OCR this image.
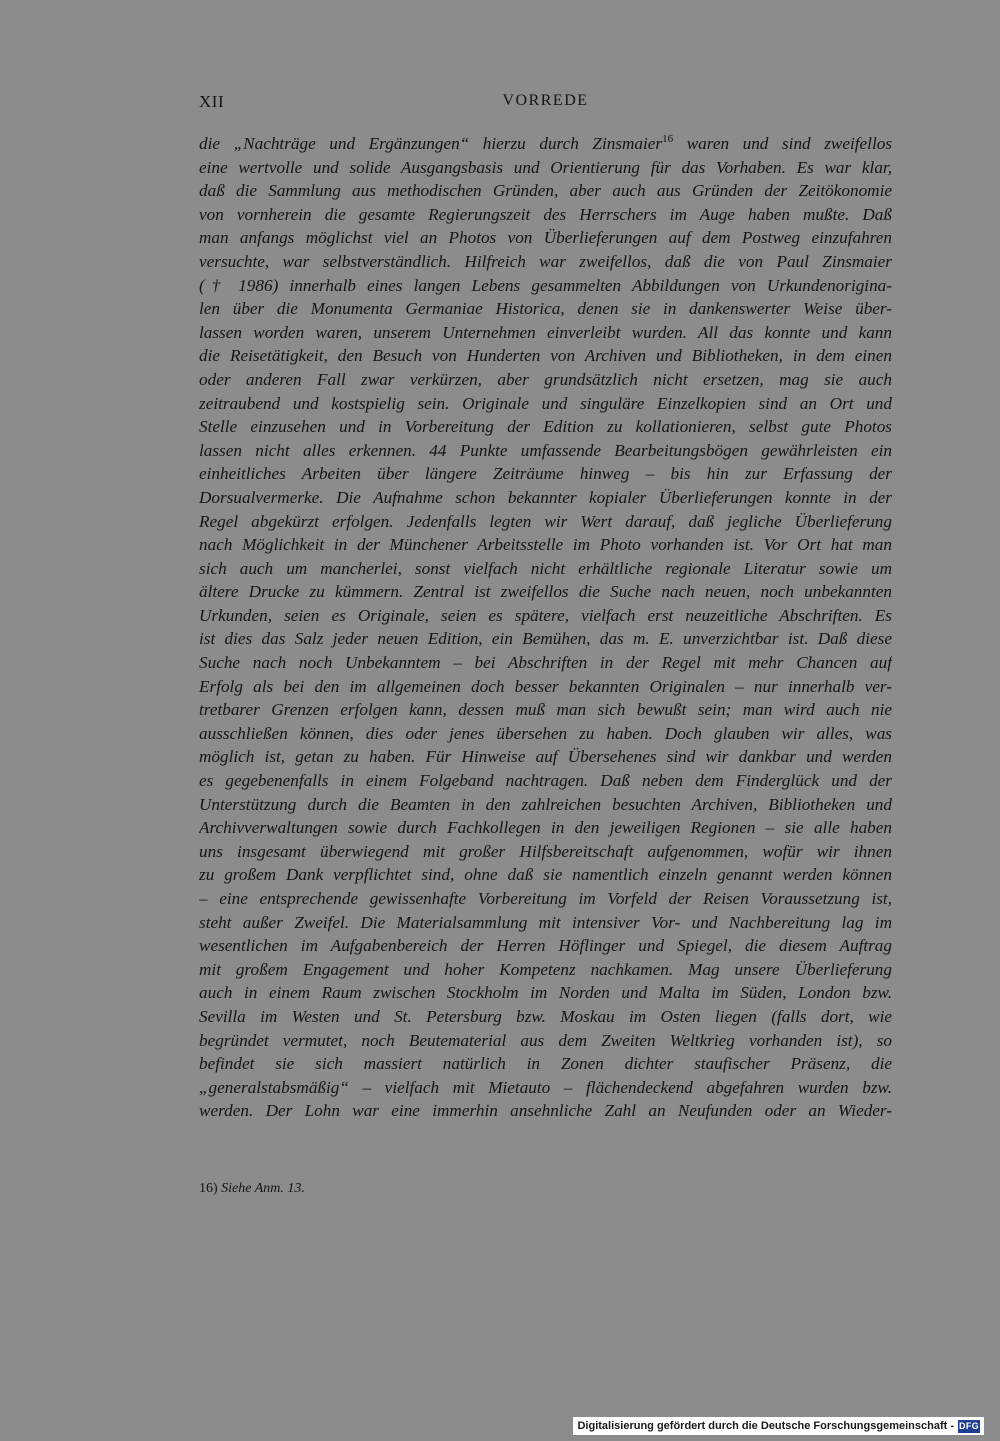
XII	VORREDE
die „Nachträge und Ergänzungen“ hierzu durch Zinsmaier$^{16}$ waren und sind zweifellos
eine wertvolle und solide Ausgangsbasis und Orientierung für das Vorhaben. Es war klar,
daß die Sammlung aus methodischen Gründen, aber auch aus Gründen der Zeitökonomie
von vornherein die gesamte Regierungszeit des Herrschers im Auge haben mußte. Daß
man anfangs möglichst viel an Photos von Überlieferungen auf dem Postweg einzufahren
versuchte, war selbstverständlich. Hilfreich war zweifellos, daß die von Paul Zinsmaier
(† 1986) innerhalb eines langen Lebens gesammelten Abbildungen von Urkundenorigina-
len über die Monumenta Germaniae Historica, denen sie in dankenswerter Weise über-
lassen worden waren, unserem Unternehmen einverleibt wurden. All das konnte und kann
die Reisetätigkeit, den Besuch von Hunderten von Archiven und Bibliotheken, in dem einen
oder anderen Fall zwar verkürzen, aber grundsätzlich nicht ersetzen, mag sie auch
zeitraubend und kostspielig sein. Originale und singuläre Einzelkopien sind an Ort und
Stelle einzusehen und in Vorbereitung der Edition zu kollationieren, selbst gute Photos
lassen nicht alles erkennen. 44 Punkte umfassende Bearbeitungsbögen gewährleisten ein
einheitliches Arbeiten über längere Zeiträume hinweg – bis hin zur Erfassung der
Dorsualvermerke. Die Aufnahme schon bekannter kopialer Überlieferungen konnte in der
Regel abgekürzt erfolgen. Jedenfalls legten wir Wert darauf, daß jegliche Überlieferung
nach Möglichkeit in der Münchener Arbeitsstelle im Photo vorhanden ist. Vor Ort hat man
sich auch um mancherlei, sonst vielfach nicht erhältliche regionale Literatur sowie um
ältere Drucke zu kümmern. Zentral ist zweifellos die Suche nach neuen, noch unbekannten
Urkunden, seien es Originale, seien es spätere, vielfach erst neuzeitliche Abschriften. Es
ist dies das Salz jeder neuen Edition, ein Bemühen, das m. E. unverzichtbar ist. Daß diese
Suche nach noch Unbekanntem – bei Abschriften in der Regel mit mehr Chancen auf
Erfolg als bei den im allgemeinen doch besser bekannten Originalen – nur innerhalb ver-
tretbarer Grenzen erfolgen kann, dessen muß man sich bewußt sein; man wird auch nie
ausschließen können, dies oder jenes übersehen zu haben. Doch glauben wir alles, was
möglich ist, getan zu haben. Für Hinweise auf Übersehenes sind wir dankbar und werden
es gegebenenfalls in einem Folgeband nachtragen. Daß neben dem Finderglück und der
Unterstützung durch die Beamten in den zahlreichen besuchten Archiven, Bibliotheken und
Archivverwaltungen sowie durch Fachkollegen in den jeweiligen Regionen – sie alle haben
uns insgesamt überwiegend mit großer Hilfsbereitschaft aufgenommen, wofür wir ihnen
zu großem Dank verpflichtet sind, ohne daß sie namentlich einzeln genannt werden können
– eine entsprechende gewissenhafte Vorbereitung im Vorfeld der Reisen Voraussetzung ist,
steht außer Zweifel. Die Materialsammlung mit intensiver Vor- und Nachbereitung lag im
wesentlichen im Aufgabenbereich der Herren Höflinger und Spiegel, die diesem Auftrag
mit großem Engagement und hoher Kompetenz nachkamen. Mag unsere Überlieferung
auch in einem Raum zwischen Stockholm im Norden und Malta im Süden, London bzw.
Sevilla im Westen und St. Petersburg bzw. Moskau im Osten liegen (falls dort, wie
begründet vermutet, noch Beutematerial aus dem Zweiten Weltkrieg vorhanden ist), so
befindet sie sich massiert natürlich in Zonen dichter staufischer Präsenz, die
„generalstabsmäßig“ – vielfach mit Mietauto – flächendeckend abgefahren wurden bzw.
werden. Der Lohn war eine immerhin ansehnliche Zahl an Neufunden oder an Wieder-
16) Siehe Anm. 13.
Digitalisierung gefördert durch die Deutsche Forschungsgemeinschaft - DFG
